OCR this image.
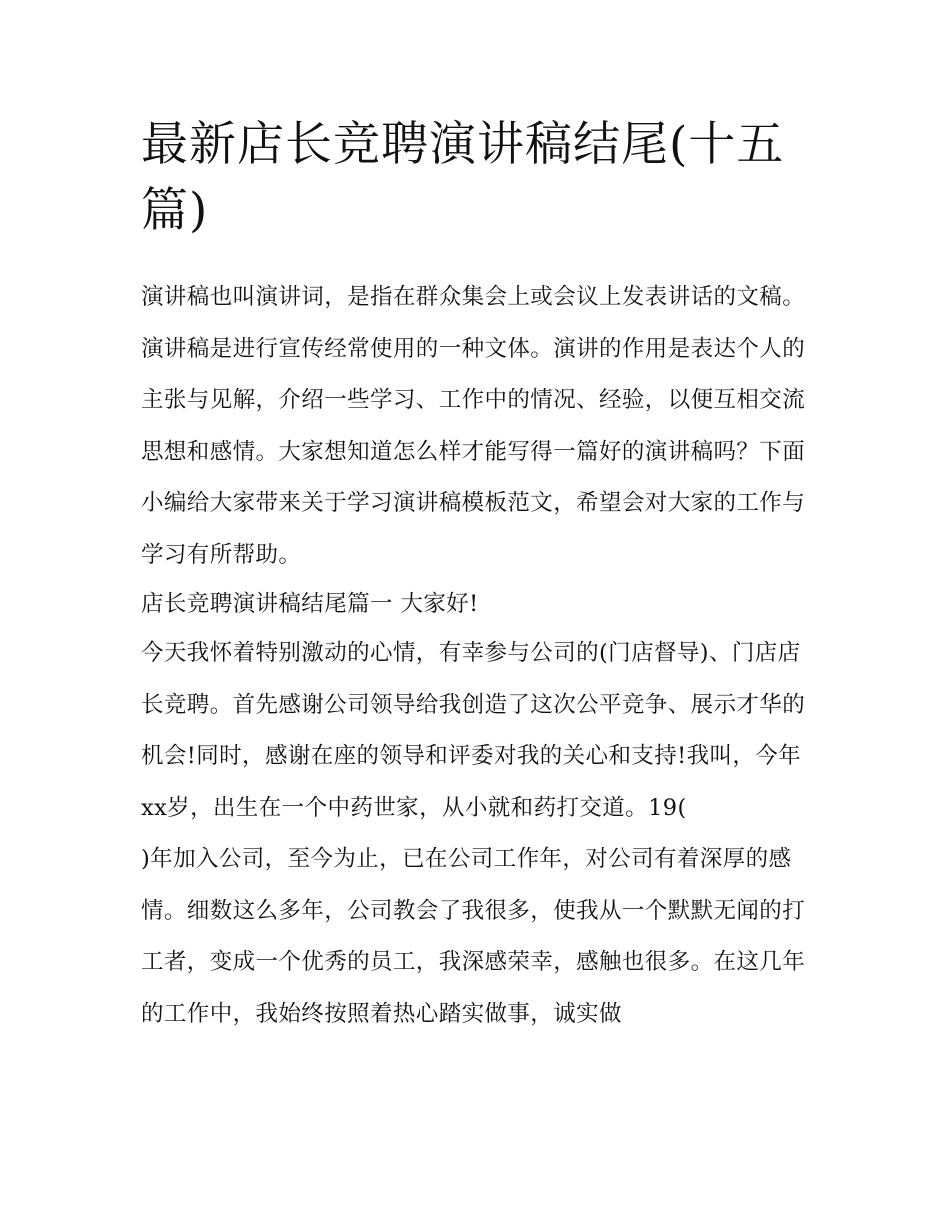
最新店长竞聘演讲稿结尾(十五篇)

演讲稿也叫演讲词，是指在群众集会上或会议上发表讲话的文稿。演讲稿是进行宣传经常使用的一种文体。演讲的作用是表达个人的主张与见解，介绍一些学习、工作中的情况、经验，以便互相交流思想和感情。大家想知道怎么样才能写得一篇好的演讲稿吗？下面小编给大家带来关于学习演讲稿模板范文，希望会对大家的工作与学习有所帮助。

店长竞聘演讲稿结尾篇一 大家好!

今天我怀着特别激动的心情，有幸参与公司的(门店督导)、门店店长竞聘。首先感谢公司领导给我创造了这次公平竞争、展示才华的机会!同时，感谢在座的领导和评委对我的关心和支持!我叫，今年xx岁，出生在一个中药世家，从小就和药打交道。19(

)年加入公司，至今为止，已在公司工作年，对公司有着深厚的感情。细数这么多年，公司教会了我很多，使我从一个默默无闻的打工者，变成一个优秀的员工，我深感荣幸，感触也很多。在这几年的工作中，我始终按照着热心踏实做事，诚实做
